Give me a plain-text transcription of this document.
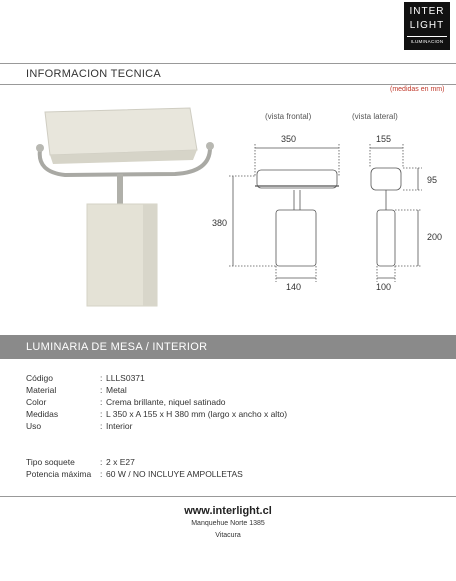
INTER
LIGHT
ILUMINACION
INFORMACION TECNICA
(medidas en mm)
(vista frontal)	(vista lateral)
350
380
140
155
95
200
100
LUMINARIA DE MESA / INTERIOR
Código	: LLLS0371
Material	: Metal
Color	: Crema brillante, niquel satinado
Medidas	: L 350 x A 155 x H 380 mm (largo x ancho x alto)
Uso	: Interior
Tipo soquete	: 2 x E27
Potencia máxima	: 60 W / NO INCLUYE AMPOLLETAS
www.interlight.cl
Manquehue Norte 1385
Vitacura
